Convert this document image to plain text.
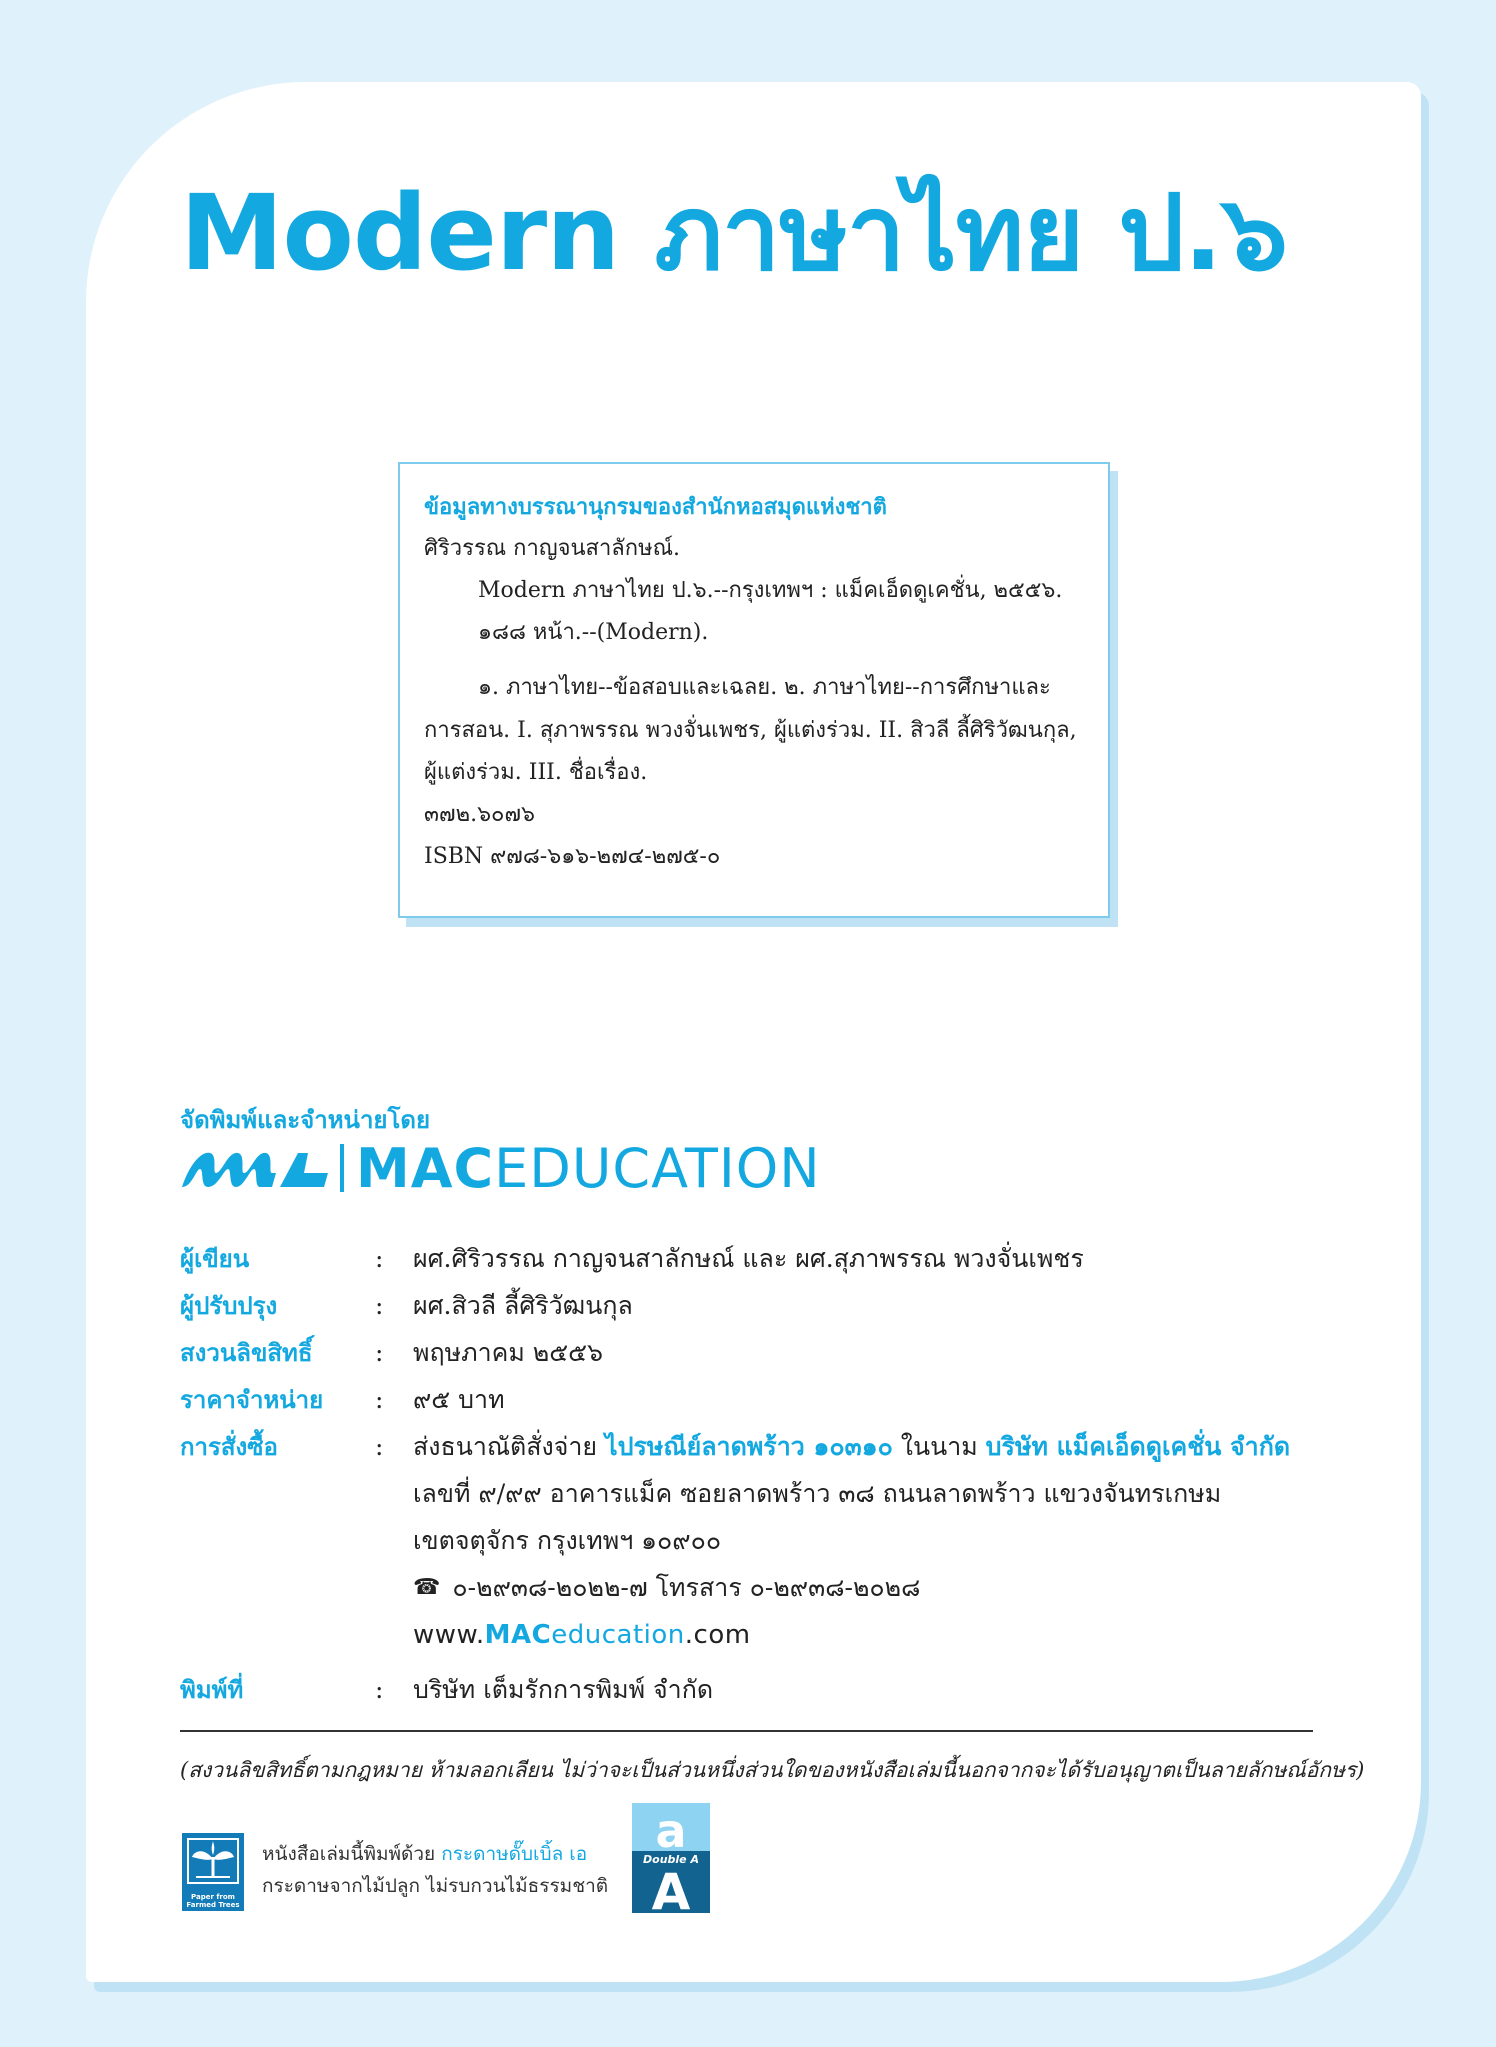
Modern ภาษาไทย ป.๖
ข้อมูลทางบรรณานุกรมของสำนักหอสมุดแห่งชาติ
ศิริวรรณ กาญจนสาลักษณ์.
Modern ภาษาไทย ป.๖.--กรุงเทพฯ : แม็คเอ็ดดูเคชั่น, ๒๕๕๖.
๑๘๘ หน้า.--(Modern).
๑. ภาษาไทย--ข้อสอบและเฉลย. ๒. ภาษาไทย--การศึกษาและ
การสอน. I. สุภาพรรณ พวงจั่นเพชร, ผู้แต่งร่วม. II. สิวลี ลี้ศิริวัฒนกุล,
ผู้แต่งร่วม. III. ชื่อเรื่อง.
๓๗๒.๖๐๗๖
ISBN ๙๗๘-๖๑๖-๒๗๔-๒๗๕-๐
จัดพิมพ์และจำหน่ายโดย
MACEDUCATION
ผู้เขียน	:	ผศ.ศิริวรรณ กาญจนสาลักษณ์ และ ผศ.สุภาพรรณ พวงจั่นเพชร
ผู้ปรับปรุง	:	ผศ.สิวลี ลี้ศิริวัฒนกุล
สงวนลิขสิทธิ์	:	พฤษภาคม ๒๕๕๖
ราคาจำหน่าย	:	๙๕ บาท
การสั่งซื้อ	:	ส่งธนาณัติสั่งจ่าย ไปรษณีย์ลาดพร้าว ๑๐๓๑๐ ในนาม บริษัท แม็คเอ็ดดูเคชั่น จำกัด
เลขที่ ๙/๙๙ อาคารแม็ค ซอยลาดพร้าว ๓๘ ถนนลาดพร้าว แขวงจันทรเกษม
เขตจตุจักร กรุงเทพฯ ๑๐๙๐๐
☎ ๐-๒๙๓๘-๒๐๒๒-๗ โทรสาร ๐-๒๙๓๘-๒๐๒๘
www. MAC education .com
พิมพ์ที่	:	บริษัท เต็มรักการพิมพ์ จำกัด
(สงวนลิขสิทธิ์ตามกฎหมาย ห้ามลอกเลียน ไม่ว่าจะเป็นส่วนหนึ่งส่วนใดของหนังสือเล่มนี้นอกจากจะได้รับอนุญาตเป็นลายลักษณ์อักษร)
Paper from Farmed Trees
หนังสือเล่มนี้พิมพ์ด้วย กระดาษดั๊บเบิ้ล เอ
กระดาษจากไม้ปลูก ไม่รบกวนไม้ธรรมชาติ
a
Double A
A
